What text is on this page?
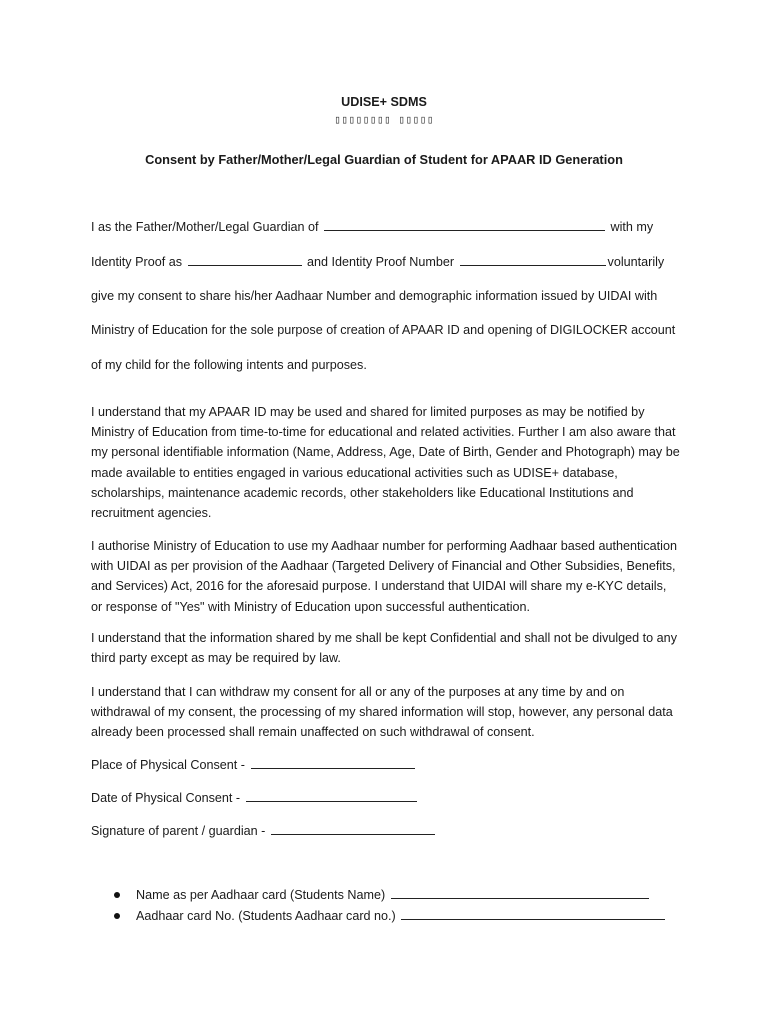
UDISE+ SDMS
▯▯▯▯▯▯▯▯ ▯▯▯▯▯
Consent by Father/Mother/Legal Guardian of Student for APAAR ID Generation
I as the Father/Mother/Legal Guardian of	with my
Identity Proof as	and Identity Proof Number	voluntarily
give my consent to share his/her Aadhaar Number and demographic information issued by UIDAI with
Ministry of Education for the sole purpose of creation of APAAR ID and opening of DIGILOCKER account
of my child for the following intents and purposes.
I understand that my APAAR ID may be used and shared for limited purposes as may be notified by Ministry of Education from time-to-time for educational and related activities. Further I am also aware that my personal identifiable information (Name, Address, Age, Date of Birth, Gender and Photograph) may be made available to entities engaged in various educational activities such as UDISE+ database, scholarships, maintenance academic records, other stakeholders like Educational Institutions and recruitment agencies.
I authorise Ministry of Education to use my Aadhaar number for performing Aadhaar based authentication with UIDAI as per provision of the Aadhaar (Targeted Delivery of Financial and Other Subsidies, Benefits, and Services) Act, 2016 for the aforesaid purpose. I understand that UIDAI will share my e-KYC details, or response of "Yes" with Ministry of Education upon successful authentication.
I understand that the information shared by me shall be kept Confidential and shall not be divulged to any third party except as may be required by law.
I understand that I can withdraw my consent for all or any of the purposes at any time by and on withdrawal of my consent, the processing of my shared information will stop, however, any personal data already been processed shall remain unaffected on such withdrawal of consent.
Place of Physical Consent -
Date of Physical Consent -
Signature of parent / guardian -
Name as per Aadhaar card (Students Name)
Aadhaar card No. (Students Aadhaar card no.)
